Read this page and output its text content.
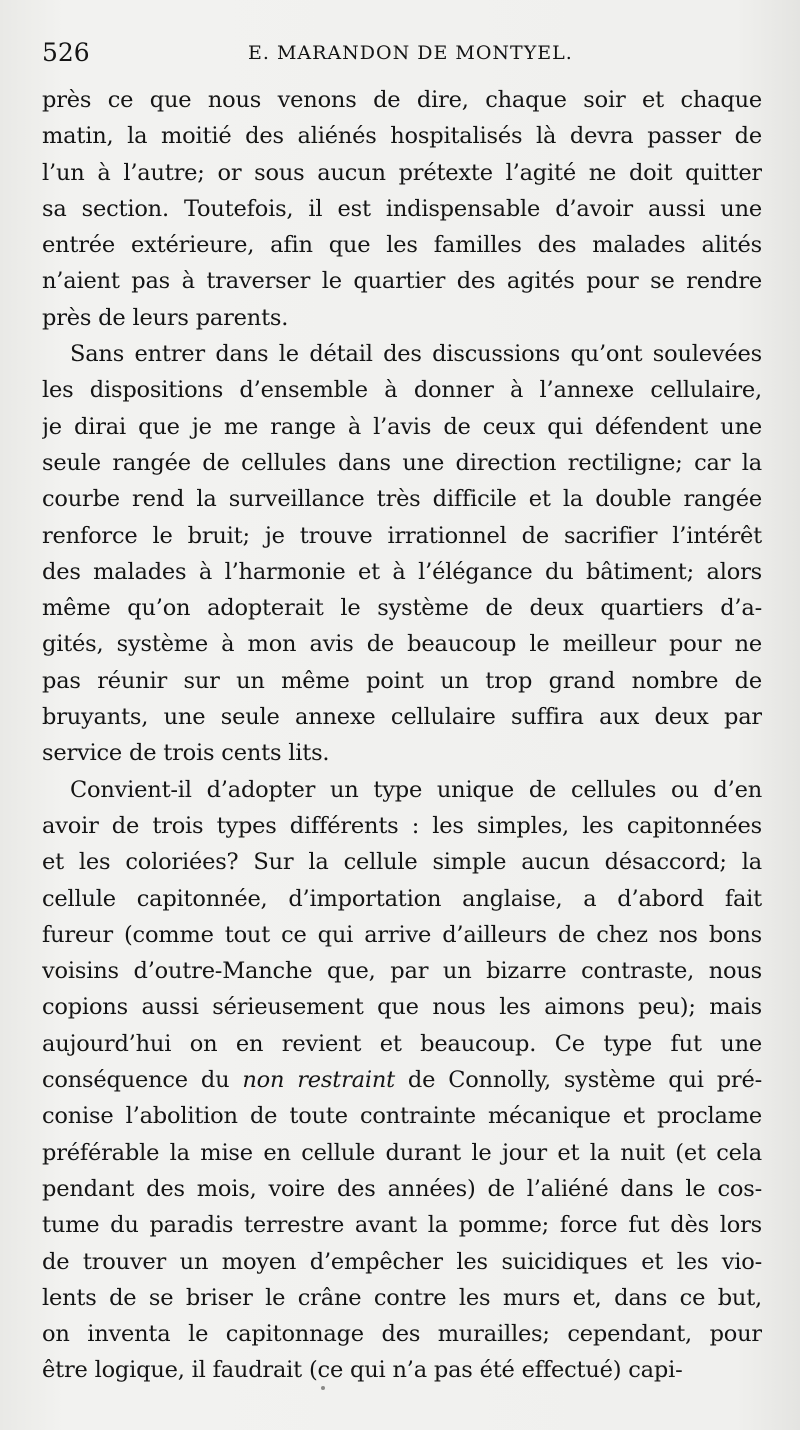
526	E. MARANDON DE MONTYEL.
près ce que nous venons de dire, chaque soir et chaque
matin, la moitié des aliénés hospitalisés là devra passer de
l’un à l’autre; or sous aucun prétexte l’agité ne doit quitter
sa section. Toutefois, il est indispensable d’avoir aussi une
entrée extérieure, afin que les familles des malades alités
n’aient pas à traverser le quartier des agités pour se rendre
près de leurs parents.
Sans entrer dans le détail des discussions qu’ont soulevées
les dispositions d’ensemble à donner à l’annexe cellulaire,
je dirai que je me range à l’avis de ceux qui défendent une
seule rangée de cellules dans une direction rectiligne; car la
courbe rend la surveillance très difficile et la double rangée
renforce le bruit; je trouve irrationnel de sacrifier l’intérêt
des malades à l’harmonie et à l’élégance du bâtiment; alors
même qu’on adopterait le système de deux quartiers d’a-
gités, système à mon avis de beaucoup le meilleur pour ne
pas réunir sur un même point un trop grand nombre de
bruyants, une seule annexe cellulaire suffira aux deux par
service de trois cents lits.
Convient-il d’adopter un type unique de cellules ou d’en
avoir de trois types différents : les simples, les capitonnées
et les coloriées? Sur la cellule simple aucun désaccord; la
cellule capitonnée, d’importation anglaise, a d’abord fait
fureur (comme tout ce qui arrive d’ailleurs de chez nos bons
voisins d’outre-Manche que, par un bizarre contraste, nous
copions aussi sérieusement que nous les aimons peu); mais
aujourd’hui on en revient et beaucoup. Ce type fut une
conséquence du non restraint de Connolly, système qui pré-
conise l’abolition de toute contrainte mécanique et proclame
préférable la mise en cellule durant le jour et la nuit (et cela
pendant des mois, voire des années) de l’aliéné dans le cos-
tume du paradis terrestre avant la pomme; force fut dès lors
de trouver un moyen d’empêcher les suicidiques et les vio-
lents de se briser le crâne contre les murs et, dans ce but,
on inventa le capitonnage des murailles; cependant, pour
être logique, il faudrait (ce qui n’a pas été effectué) capi-
